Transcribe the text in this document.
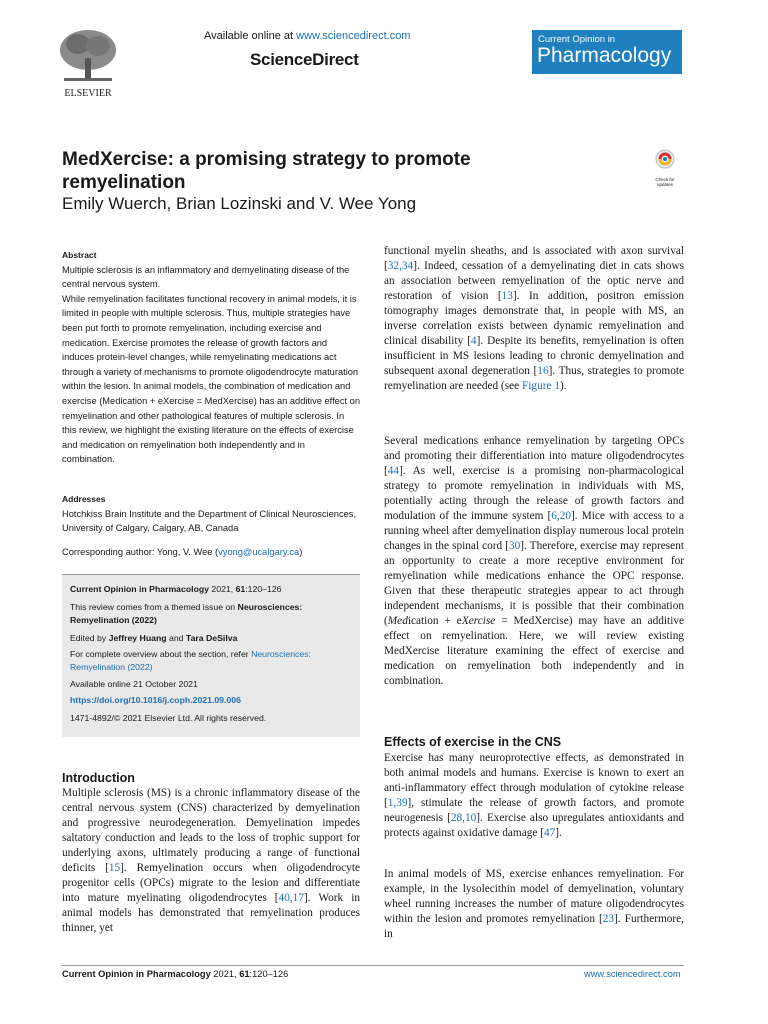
ELSEVIER
Available online at www.sciencedirect.com
ScienceDirect
Current Opinion in
Pharmacology
Check for updates
MedXercise: a promising strategy to promote remyelination
Emily Wuerch, Brian Lozinski and V. Wee Yong

Abstract

Multiple sclerosis is an inflammatory and demyelinating disease of the central nervous system.

While remyelination facilitates functional recovery in animal models, it is limited in people with multiple sclerosis. Thus, multiple strategies have been put forth to promote remyelination, including exercise and medication. Exercise promotes the release of growth factors and induces protein-level changes, while remyelinating medications act through a variety of mechanisms to promote oligodendrocyte maturation within the lesion. In animal models, the combination of medication and exercise (Medication + eXercise = MedXercise) has an additive effect on remyelination and other pathological features of multiple sclerosis. In this review, we highlight the existing literature on the effects of exercise and medication on remyelination both independently and in combination.

Addresses

Hotchkiss Brain Institute and the Department of Clinical Neurosciences, University of Calgary, Calgary, AB, Canada

Corresponding author: Yong, V. Wee (vyong@ucalgary.ca)

Current Opinion in Pharmacology 2021, 61:120–126
This review comes from a themed issue on Neurosciences: Remyelination (2022)
Edited by Jeffrey Huang and Tara DeSilva
For complete overview about the section, refer Neurosciences: Remyelination (2022)
Available online 21 October 2021
https://doi.org/10.1016/j.coph.2021.09.006
1471-4892/© 2021 Elsevier Ltd. All rights reserved.
Introduction
Multiple sclerosis (MS) is a chronic inflammatory disease of the central nervous system (CNS) characterized by demyelination and progressive neurodegeneration. Demyelination impedes saltatory conduction and leads to the loss of trophic support for underlying axons, ultimately producing a range of functional deficits [15]. Remyelination occurs when oligodendrocyte progenitor cells (OPCs) migrate to the lesion and differentiate into mature myelinating oligodendrocytes [40,17]. Work in animal models has demonstrated that remyelination produces thinner, yet
functional myelin sheaths, and is associated with axon survival [32,34]. Indeed, cessation of a demyelinating diet in cats shows an association between remyelination of the optic nerve and restoration of vision [13]. In addition, positron emission tomography images demonstrate that, in people with MS, an inverse correlation exists between dynamic remyelination and clinical disability [4]. Despite its benefits, remyelination is often insufficient in MS lesions leading to chronic demyelination and subsequent axonal degeneration [16]. Thus, strategies to promote remyelination are needed (see Figure 1).
Several medications enhance remyelination by targeting OPCs and promoting their differentiation into mature oligodendrocytes [44]. As well, exercise is a promising non-pharmacological strategy to promote remyelination in individuals with MS, potentially acting through the release of growth factors and modulation of the immune system [6,20]. Mice with access to a running wheel after demyelination display numerous local protein changes in the spinal cord [30]. Therefore, exercise may represent an opportunity to create a more receptive environment for remyelination while medications enhance the OPC response. Given that these therapeutic strategies appear to act through independent mechanisms, it is possible that their combination (Medication + eXercise = MedXercise) may have an additive effect on remyelination. Here, we will review existing MedXercise literature examining the effect of exercise and medication on remyelination both independently and in combination.
Effects of exercise in the CNS
Exercise has many neuroprotective effects, as demonstrated in both animal models and humans. Exercise is known to exert an anti-inflammatory effect through modulation of cytokine release [1,39], stimulate the release of growth factors, and promote neurogenesis [28,10]. Exercise also upregulates antioxidants and protects against oxidative damage [47].
In animal models of MS, exercise enhances remyelination. For example, in the lysolecithin model of demyelination, voluntary wheel running increases the number of mature oligodendrocytes within the lesion and promotes remyelination [23]. Furthermore, in
Current Opinion in Pharmacology 2021, 61:120–126	www.sciencedirect.com
